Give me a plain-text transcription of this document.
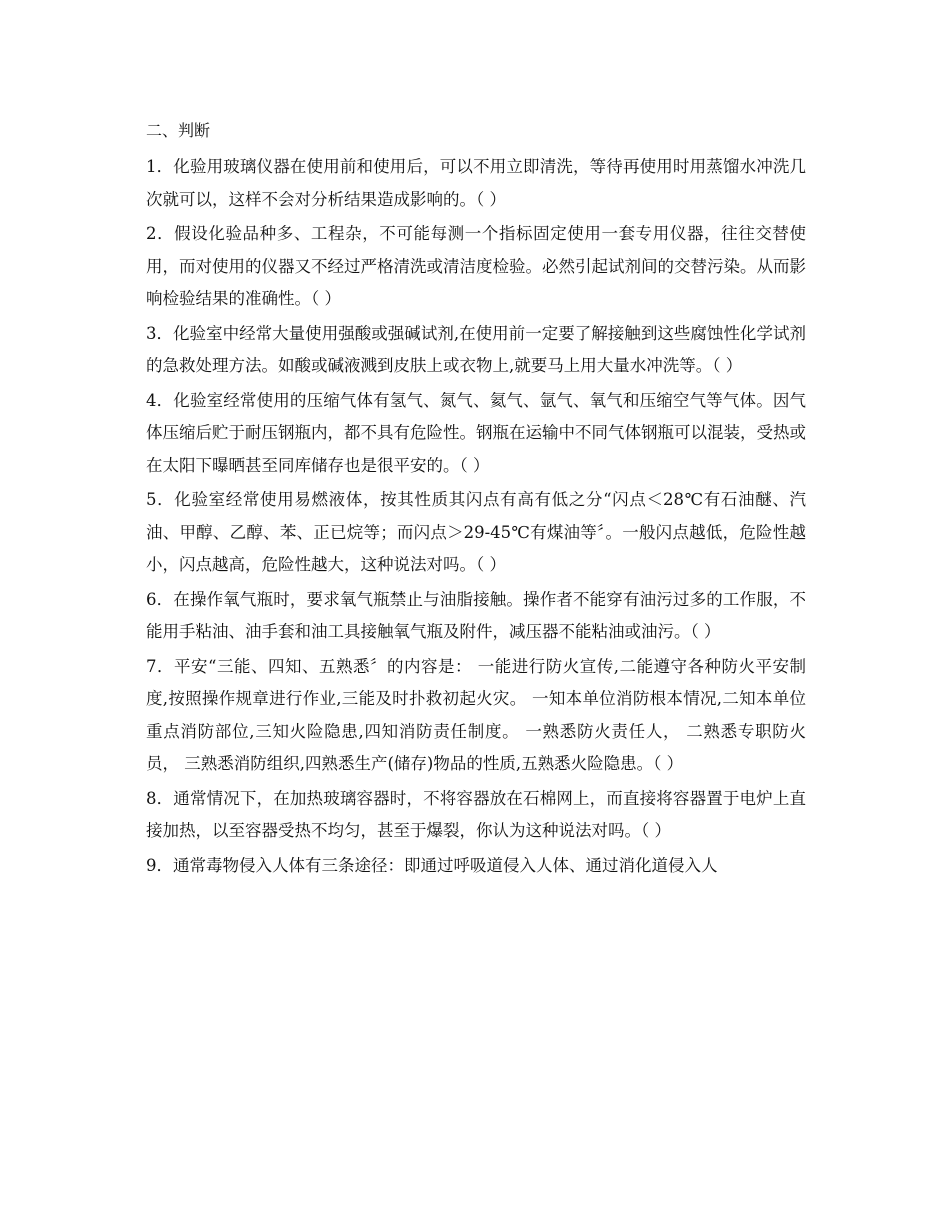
二、判断
1．化验用玻璃仪器在使用前和使用后，可以不用立即清洗，等待再使用时用蒸馏水冲洗几次就可以，这样不会对分析结果造成影响的。（ ）
2．假设化验品种多、工程杂，不可能每测一个指标固定使用一套专用仪器，往往交替使用，而对使用的仪器又不经过严格清洗或清洁度检验。必然引起试剂间的交替污染。从而影响检验结果的准确性。（ ）
3．化验室中经常大量使用强酸或强碱试剂,在使用前一定要了解接触到这些腐蚀性化学试剂的急救处理方法。如酸或碱液溅到皮肤上或衣物上,就要马上用大量水冲洗等。（ ）
4．化验室经常使用的压缩气体有氢气、氮气、氦气、氩气、氧气和压缩空气等气体。因气体压缩后贮于耐压钢瓶内，都不具有危险性。钢瓶在运输中不同气体钢瓶可以混装，受热或在太阳下曝晒甚至同库储存也是很平安的。（ ）
5．化验室经常使用易燃液体，按其性质其闪点有高有低之分“闪点＜28℃有石油醚、汽油、甲醇、乙醇、苯、正已烷等；而闪点＞29-45℃有煤油等〞。一般闪点越低，危险性越小，闪点越高，危险性越大，这种说法对吗。（ ）
6．在操作氧气瓶时，要求氧气瓶禁止与油脂接触。操作者不能穿有油污过多的工作服，不能用手粘油、油手套和油工具接触氧气瓶及附件，减压器不能粘油或油污。（ ）
7．平安“三能、四知、五熟悉〞的内容是： 一能进行防火宣传,二能遵守各种防火平安制度,按照操作规章进行作业,三能及时扑救初起火灾。 一知本单位消防根本情况,二知本单位重点消防部位,三知火险隐患,四知消防责任制度。 一熟悉防火责任人， 二熟悉专职防火员， 三熟悉消防组织,四熟悉生产(储存)物品的性质,五熟悉火险隐患。（ ）
8．通常情况下，在加热玻璃容器时，不将容器放在石棉网上，而直接将容器置于电炉上直接加热，以至容器受热不均匀，甚至于爆裂，你认为这种说法对吗。（ ）
9．通常毒物侵入人体有三条途径：即通过呼吸道侵入人体、通过消化道侵入人
